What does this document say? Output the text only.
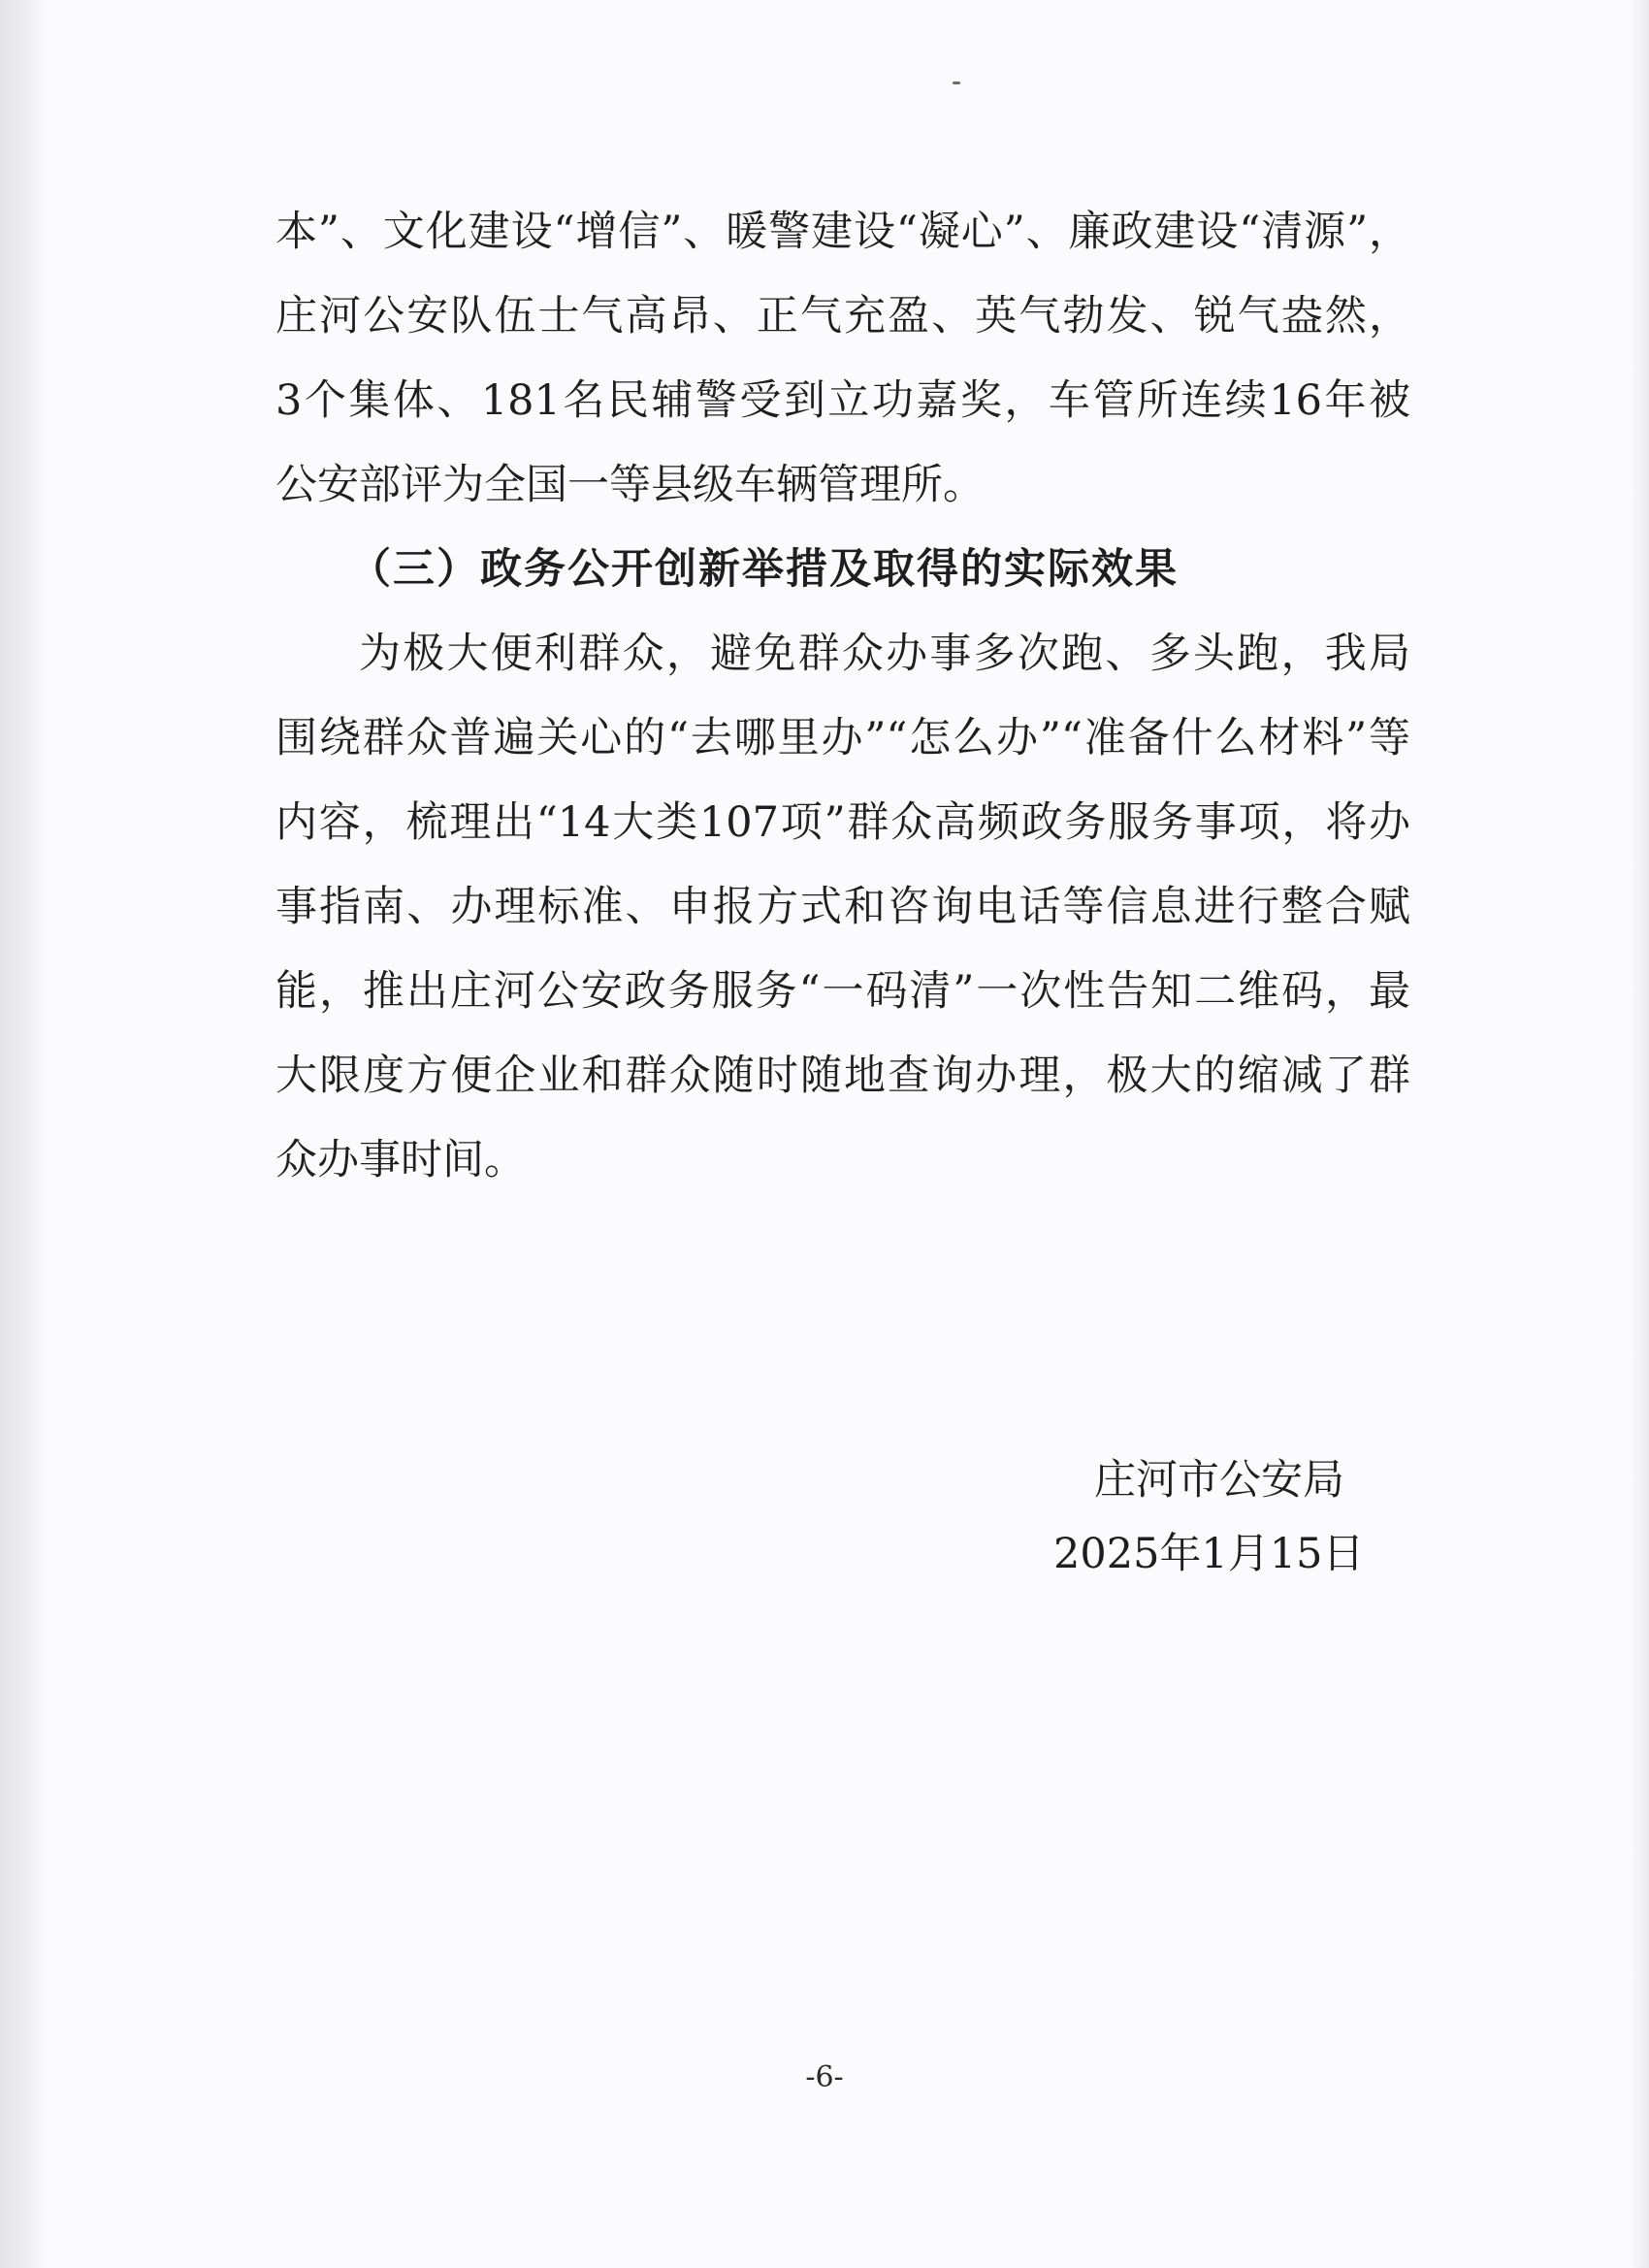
本”、文化建设“增信”、暖警建设“凝心”、廉政建设“清源”，

庄河公安队伍士气高昂、正气充盈、英气勃发、锐气盎然，

3个集体、181名民辅警受到立功嘉奖，车管所连续16年被

公安部评为全国一等县级车辆管理所。

（三）政务公开创新举措及取得的实际效果

为极大便利群众，避免群众办事多次跑、多头跑，我局

围绕群众普遍关心的“去哪里办”“怎么办”“准备什么材料”等

内容，梳理出“14大类107项”群众高频政务服务事项，将办

事指南、办理标准、申报方式和咨询电话等信息进行整合赋

能，推出庄河公安政务服务“一码清”一次性告知二维码，最

大限度方便企业和群众随时随地查询办理，极大的缩减了群

众办事时间。

庄河市公安局

2025年1月15日

-6-
